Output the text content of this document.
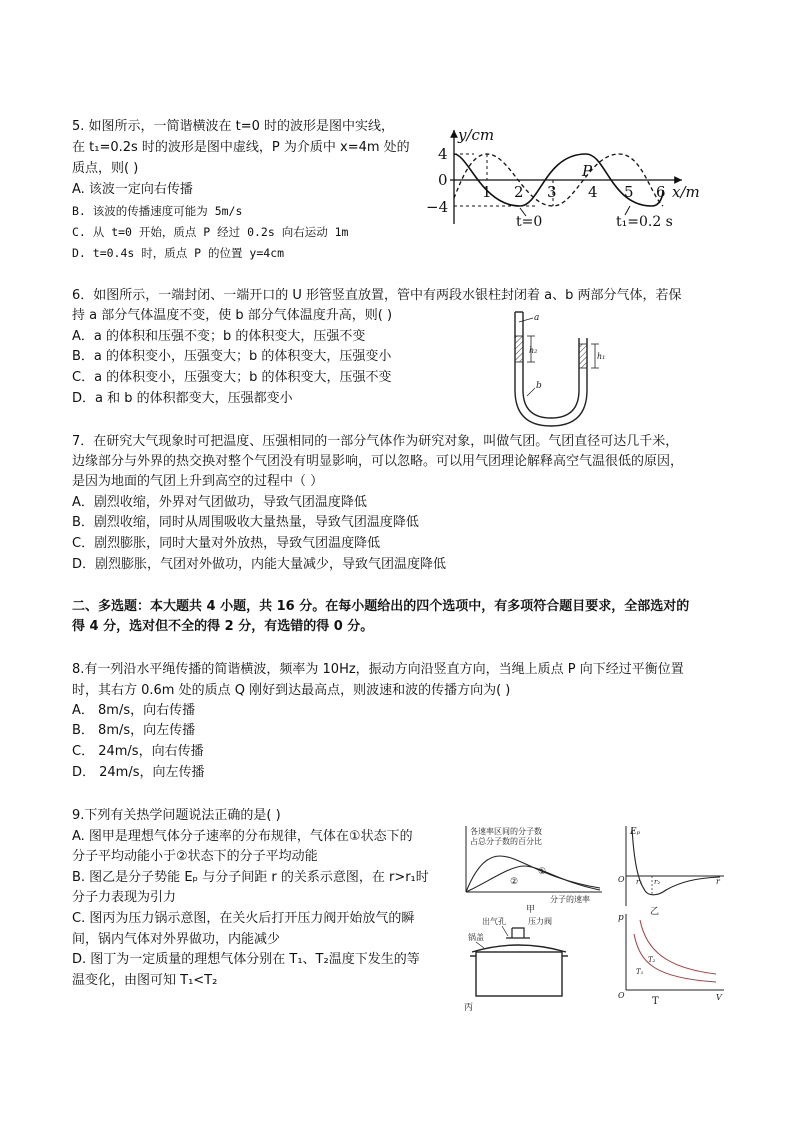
5. 如图所示，一简谐横波在 t=0 时的波形是图中实线，
在 t₁=0.2s 时的波形是图中虚线，P 为介质中 x=4m 处的
质点，则( )
A. 该波一定向右传播
B. 该波的传播速度可能为 5m/s
C. 从 t=0 开始，质点 P 经过 0.2s 向右运动 1m
D. t=0.4s 时，质点 P 的位置 y=4cm
4
0
−4
1 2 3 4 5 6
y/cm
x/m
P
t=0	t₁=0.2 s
6．如图所示，一端封闭、一端开口的 U 形管竖直放置，管中有两段水银柱封闭着 a、b 两部分气体，若保
持 a 部分气体温度不变，使 b 部分气体温度升高，则( )
A．a 的体积和压强不变；b 的体积变大，压强不变
B．a 的体积变小，压强变大；b 的体积变大，压强变小
C．a 的体积变小，压强变大；b 的体积变大，压强不变
D．a 和 b 的体积都变大，压强都变小
h₂
h₁
a
b
7．在研究大气现象时可把温度、压强相同的一部分气体作为研究对象，叫做气团。气团直径可达几千米，
边缘部分与外界的热交换对整个气团没有明显影响，可以忽略。可以用气团理论解释高空气温很低的原因，
是因为地面的气团上升到高空的过程中（ ）
A．剧烈收缩，外界对气团做功，导致气团温度降低
B．剧烈收缩，同时从周围吸收大量热量，导致气团温度降低
C．剧烈膨胀，同时大量对外放热，导致气团温度降低
D．剧烈膨胀，气团对外做功，内能大量减少，导致气团温度降低
二、多选题：本大题共 4 小题，共 16 分。在每小题给出的四个选项中，有多项符合题目要求，全部选对的
得 4 分，选对但不全的得 2 分，有选错的得 0 分。
8.有一列沿水平绳传播的简谐横波，频率为 10Hz，振动方向沿竖直方向，当绳上质点 P 向下经过平衡位置
时，其右方 0.6m 处的质点 Q 刚好到达最高点，则波速和波的传播方向为( )
A． 8m/s，向右传播
B． 8m/s，向左传播
C． 24m/s，向右传播
D． 24m/s，向左传播
9.下列有关热学问题说法正确的是( )
A. 图甲是理想气体分子速率的分布规律，气体在①状态下的
分子平均动能小于②状态下的分子平均动能
B. 图乙是分子势能 Eₚ 与分子间距 r 的关系示意图，在 r>r₁时
分子力表现为引力
C. 图丙为压力锅示意图，在关火后打开压力阀开始放气的瞬
间，锅内气体对外界做功，内能减少
D. 图丁为一定质量的理想气体分别在 T₁、T₂温度下发生的等
温变化，由图可知 T₁<T₂
各速率区间的分子数
占总分子数的百分比
①
②
分子的速率
甲
Eₚ
O r₁ r₂	r
乙
出气孔	压力阀
锅盖
丙
p
O	V
T₂
T₁
T
